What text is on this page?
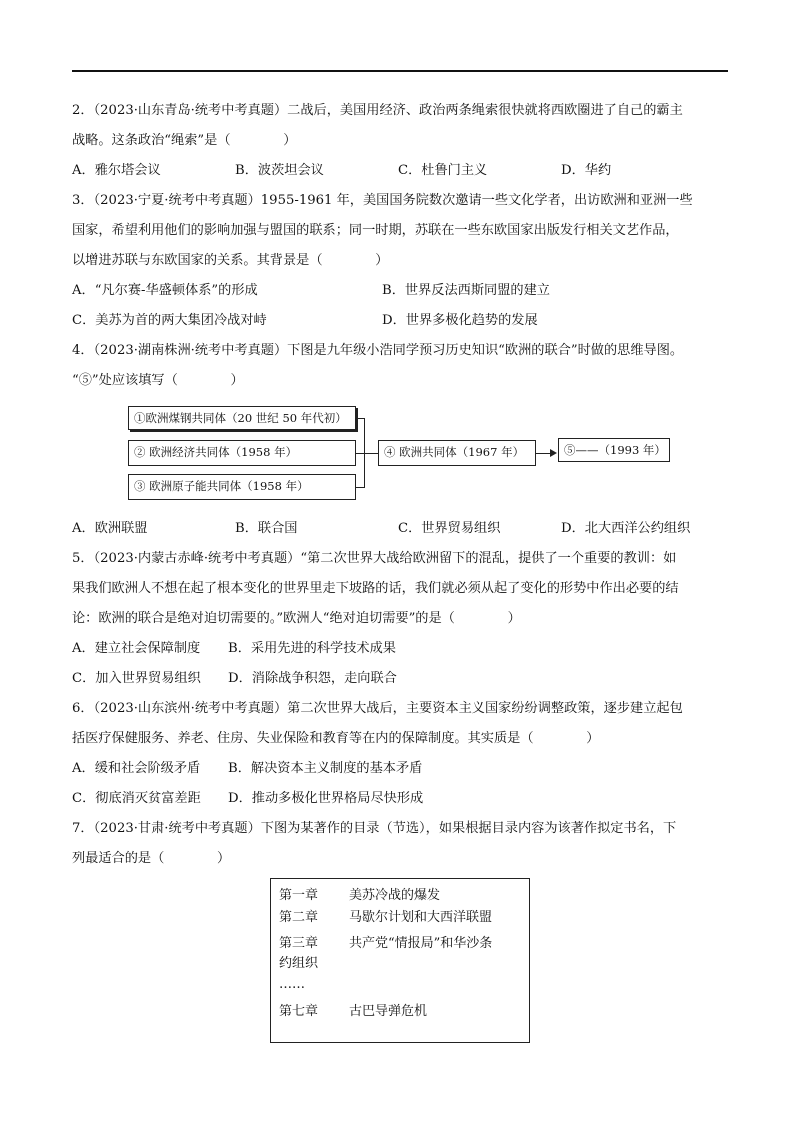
2．（2023·山东青岛·统考中考真题）二战后，美国用经济、政治两条绳索很快就将西欧圈进了自己的霸主
战略。这条政治“绳索”是（　　　　）
A．雅尔塔会议	B．波茨坦会议	C．杜鲁门主义	D．华约
3．（2023·宁夏·统考中考真题）1955-1961 年，美国国务院数次邀请一些文化学者，出访欧洲和亚洲一些
国家，希望利用他们的影响加强与盟国的联系；同一时期，苏联在一些东欧国家出版发行相关文艺作品，
以增进苏联与东欧国家的关系。其背景是（　　　　）
A．“凡尔赛-华盛顿体系”的形成	B．世界反法西斯同盟的建立
C．美苏为首的两大集团冷战对峙	D．世界多极化趋势的发展
4．（2023·湖南株洲·统考中考真题）下图是九年级小浩同学预习历史知识“欧洲的联合”时做的思维导图。
“⑤”处应该填写（　　　　）
①欧洲煤钢共同体（20 世纪 50 年代初）
② 欧洲经济共同体（1958 年）
③ 欧洲原子能共同体（1958 年）
④ 欧洲共同体（1967 年）	⑤——（1993 年）
A．欧洲联盟	B．联合国	C．世界贸易组织	D．北大西洋公约组织
5．（2023·内蒙古赤峰·统考中考真题）“第二次世界大战给欧洲留下的混乱，提供了一个重要的教训：如
果我们欧洲人不想在起了根本变化的世界里走下坡路的话，我们就必须从起了变化的形势中作出必要的结
论：欧洲的联合是绝对迫切需要的。”欧洲人“绝对迫切需要”的是（　　　　）
A．建立社会保障制度	B．采用先进的科学技术成果
C．加入世界贸易组织	D．消除战争积怨，走向联合
6．（2023·山东滨州·统考中考真题）第二次世界大战后，主要资本主义国家纷纷调整政策，逐步建立起包
括医疗保健服务、养老、住房、失业保险和教育等在内的保障制度。其实质是（　　　　）
A．缓和社会阶级矛盾	B．解决资本主义制度的基本矛盾
C．彻底消灭贫富差距	D．推动多极化世界格局尽快形成
7．（2023·甘肃·统考中考真题）下图为某著作的目录（节选），如果根据目录内容为该著作拟定书名，下
列最适合的是（　　　　）
第一章	美苏冷战的爆发
第二章	马歇尔计划和大西洋联盟
第三章	共产党“情报局”和华沙条
约组织
……
第七章	古巴导弹危机
